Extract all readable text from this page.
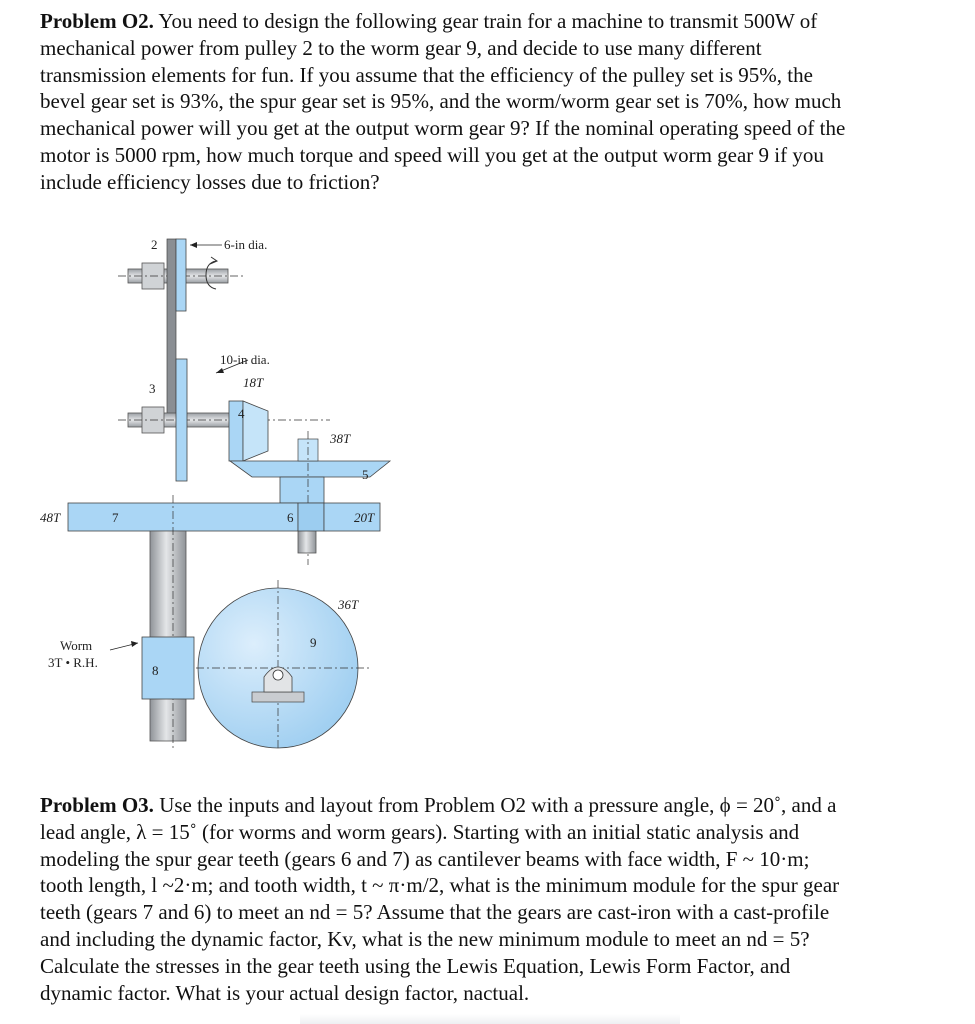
Problem O2. You need to design the following gear train for a machine to transmit 500W of
mechanical power from pulley 2 to the worm gear 9, and decide to use many different
transmission elements for fun. If you assume that the efficiency of the pulley set is 95%, the
bevel gear set is 93%, the spur gear set is 95%, and the worm/worm gear set is 70%, how much
mechanical power will you get at the output worm gear 9? If the nominal operating speed of the
motor is 5000 rpm, how much torque and speed will you get at the output worm gear 9 if you
include efficiency losses due to friction?
6-in dia.
2
10-in dia.
3	18T
4
38T
5
48T	7	6	20T
36T
9
8
Worm
3T • R.H.
Problem O3. Use the inputs and layout from Problem O2 with a pressure angle, ϕ = 20˚, and a
lead angle, λ = 15˚ (for worms and worm gears). Starting with an initial static analysis and
modeling the spur gear teeth (gears 6 and 7) as cantilever beams with face width, F ~ 10·m;
tooth length, l ~2·m; and tooth width, t ~ π·m/2, what is the minimum module for the spur gear
teeth (gears 7 and 6) to meet an nd = 5? Assume that the gears are cast-iron with a cast-profile
and including the dynamic factor, Kv, what is the new minimum module to meet an nd = 5?
Calculate the stresses in the gear teeth using the Lewis Equation, Lewis Form Factor, and
dynamic factor. What is your actual design factor, nactual.
